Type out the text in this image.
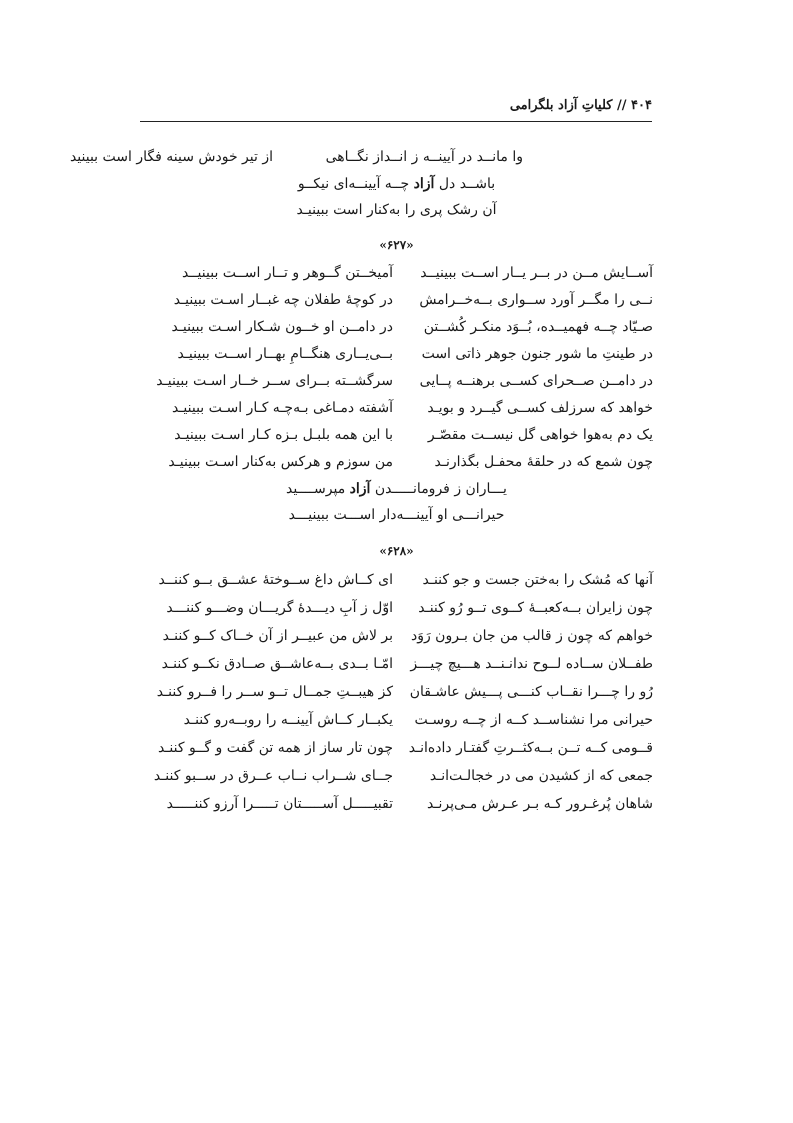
۴۰۴ // کلیاتِ آزاد بلگرامی
وا مانــد در آیینــه ز انــداز نگــاهی
از تیر خودش سینه فگار است ببینید
باشــد دل آزاد چــه آیینــه‌ای نیکــو
آن رشک پری را به‌کنار است ببینیـد
«۶۲۷»
آســایش مــن در بــر یــار اســت ببینیــد
آمیخــتن گــوهر و تــار اســت ببینیــد
نــی را مگــر آورد ســواری بــه‌خــرامش
در کوچهٔ طفلان چه غبــار اسـت ببینیـد
صـیّاد چــه فهمیــده، بُــوَد منکـر کُشــتن
در دامــن او خــون شـکار اسـت ببینیـد
در طینتِ ما شور جنون جوهر ذاتی است
بــی‌یــاری هنگــامِ بهــار اســت ببینیـد
در دامــن صــحرای کســی برهنــه پــایی
سرگشــته بــرای ســر خــار اسـت ببینیـد
خواهد که سرزلف کســی گیــرد و بویـد
آشفته دمـاغی بـه‌چـه کـار اسـت ببینیـد
یک دم به‌هوا خواهی گل نیســت مقصّـر
با این همه بلبـل بـزه کـار اسـت ببینیـد
چون شمع که در حلقهٔ محفـل بگذارنـد
من سوزم و هرکس به‌کنار اسـت ببینیـد
یـــاران ز فرومانـــــدن آزاد مپرســــید
حیرانـــی او آیینـــه‌دار اســـت ببینیـــد
«۶۲۸»
آنها که مُشک را به‌ختن جست و جو کننـد
ای کــاش داغ ســوختهٔ عشــق بــو کننــد
چون زایران بــه‌کعبــهٔ کــوی تــو رُو کننـد
اوّل ز آبِ دیـــدهٔ گریـــان وضـــو کننـــد
خواهم که چون ز قالب من جان بـرون رَوَد
بر لاش من عبیــر از آن خــاک کــو کننـد
طفــلان ســاده لــوح ندانـنــد هـــیچ چیـــز
امّـا بــدی بــه‌عاشــق صــادق نکــو کننـد
رُو را چـــرا نقــاب کنـــی پـــیش عاشـقان
کز هیبــتِ جمــال تــو ســر را فــرو کننـد
حیرانی مرا نشناســد کــه از چــه روسـت
یکبــار کــاش آیینــه را روبــه‌رو کننـد
قــومی کــه تــن بــه‌کثــرتِ گفتـار داده‌انـد
چون تار ساز از همه تن گفت و گــو کننـد
جمعی که از کشیدن می در خجالـت‌انـد
جــای شــراب نــاب عــرق در ســبو کننـد
شاهان پُرغـرور کـه بـر عـرش مـی‌پرنـد
تقبیـــــل آســـــتان تـــــرا آرزو کننـــــد
